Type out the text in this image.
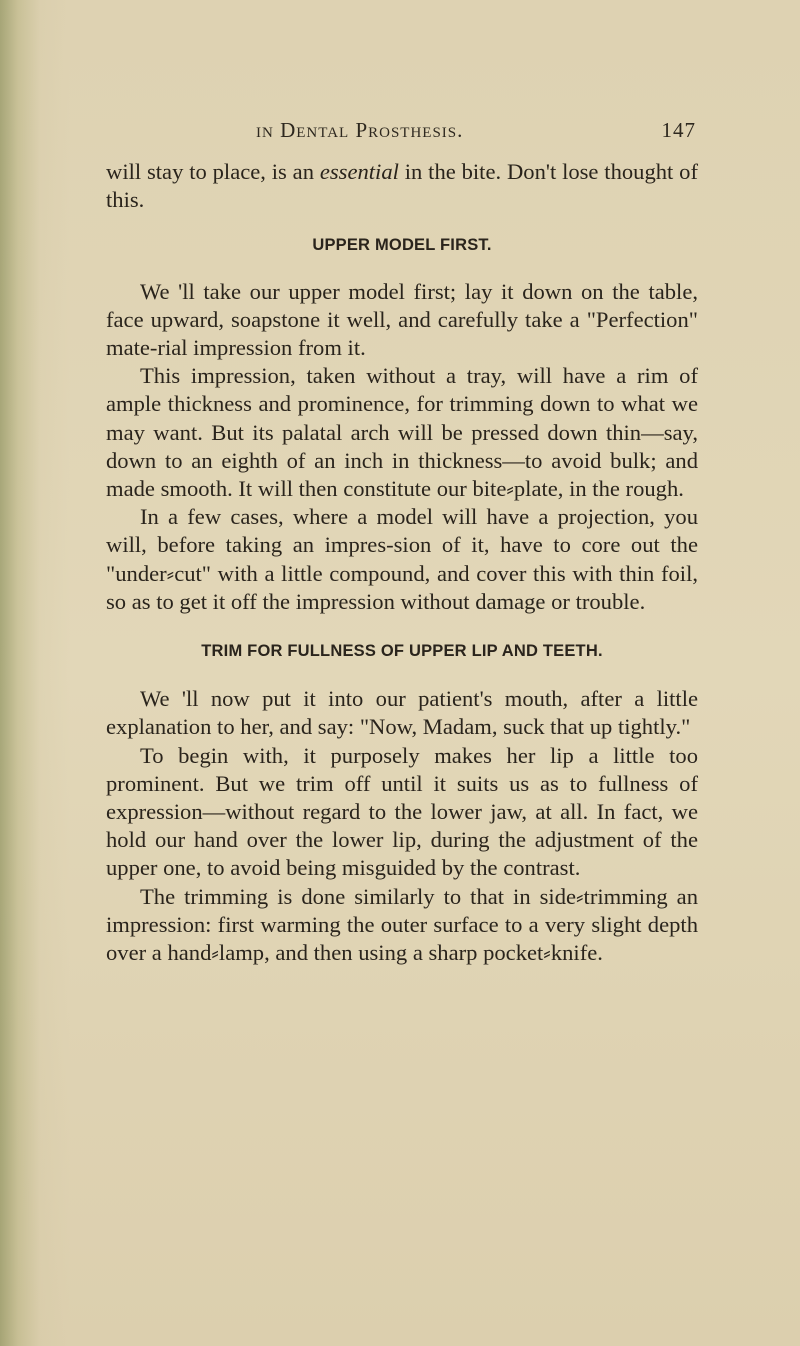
in Dental Prosthesis.	147

will stay to place, is an essential in the bite. Don't lose thought of this.

UPPER MODEL FIRST.

We 'll take our upper model first; lay it down on the table, face upward, soapstone it well, and carefully take a "Perfection" mate-rial impression from it.

This impression, taken without a tray, will have a rim of ample thickness and prominence, for trimming down to what we may want. But its palatal arch will be pressed down thin—say, down to an eighth of an inch in thickness—to avoid bulk; and made smooth. It will then constitute our bite⸗plate, in the rough.

In a few cases, where a model will have a projection, you will, before taking an impres-sion of it, have to core out the "under⸗cut" with a little compound, and cover this with thin foil, so as to get it off the impression without damage or trouble.

TRIM FOR FULLNESS OF UPPER LIP AND TEETH.

We 'll now put it into our patient's mouth, after a little explanation to her, and say: "Now, Madam, suck that up tightly."

To begin with, it purposely makes her lip a little too prominent. But we trim off until it suits us as to fullness of expression—without regard to the lower jaw, at all. In fact, we hold our hand over the lower lip, during the adjustment of the upper one, to avoid being misguided by the contrast.

The trimming is done similarly to that in side⸗trimming an impression: first warming the outer surface to a very slight depth over a hand⸗lamp, and then using a sharp pocket⸗knife.
